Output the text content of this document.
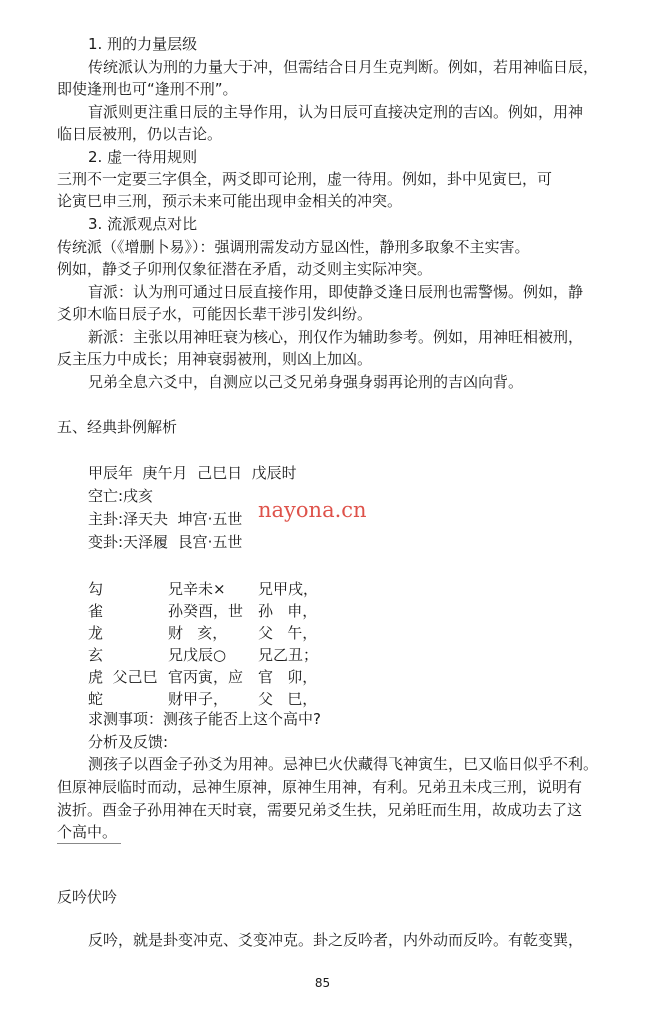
1. 刑的力量层级
传统派认为刑的力量大于冲，但需结合日月生克判断。例如，若用神临日辰，
即使逢刑也可“逢刑不刑”。
盲派则更注重日辰的主导作用，认为日辰可直接决定刑的吉凶。例如，用神
临日辰被刑，仍以吉论。
2. 虚一待用规则
三刑不一定要三字俱全，两爻即可论刑，虚一待用。例如，卦中见寅巳，可
论寅巳申三刑，预示未来可能出现申金相关的冲突。
3. 流派观点对比
传统派（《增删卜易》）：强调刑需发动方显凶性，静刑多取象不主实害。
例如，静爻子卯刑仅象征潜在矛盾，动爻则主实际冲突。
盲派：认为刑可通过日辰直接作用，即使静爻逢日辰刑也需警惕。例如，静
爻卯木临日辰子水，可能因长辈干涉引发纠纷。
新派：主张以用神旺衰为核心，刑仅作为辅助参考。例如，用神旺相被刑，
反主压力中成长；用神衰弱被刑，则凶上加凶。
兄弟全息六爻中，自测应以己爻兄弟身强身弱再论刑的吉凶向背。
五、经典卦例解析
甲辰年  庚午月  己巳日  戊辰时
空亡:戌亥
主卦:泽天夬  坤宫·五世
变卦:天泽履  艮宫·五世
nayona.cn
勾	兄辛未× 兄甲戌，
雀	孙癸酉，世 孙   申，
龙	财   亥， 父   午，
玄	兄戊辰○ 兄乙丑；
虎  父己巳 官丙寅，应 官   卯，
蛇	财甲子， 父   巳，
求测事项：测孩子能否上这个高中?
分析及反馈:
测孩子以酉金子孙爻为用神。忌神巳火伏藏得飞神寅生，巳又临日似乎不利。
但原神辰临时而动，忌神生原神，原神生用神，有利。兄弟丑未戌三刑，说明有
波折。酉金子孙用神在天时衰，需要兄弟爻生扶，兄弟旺而生用，故成功去了这
个高中。
反吟伏吟
反吟，就是卦变冲克、爻变冲克。卦之反吟者，内外动而反吟。有乾变巽，
85
